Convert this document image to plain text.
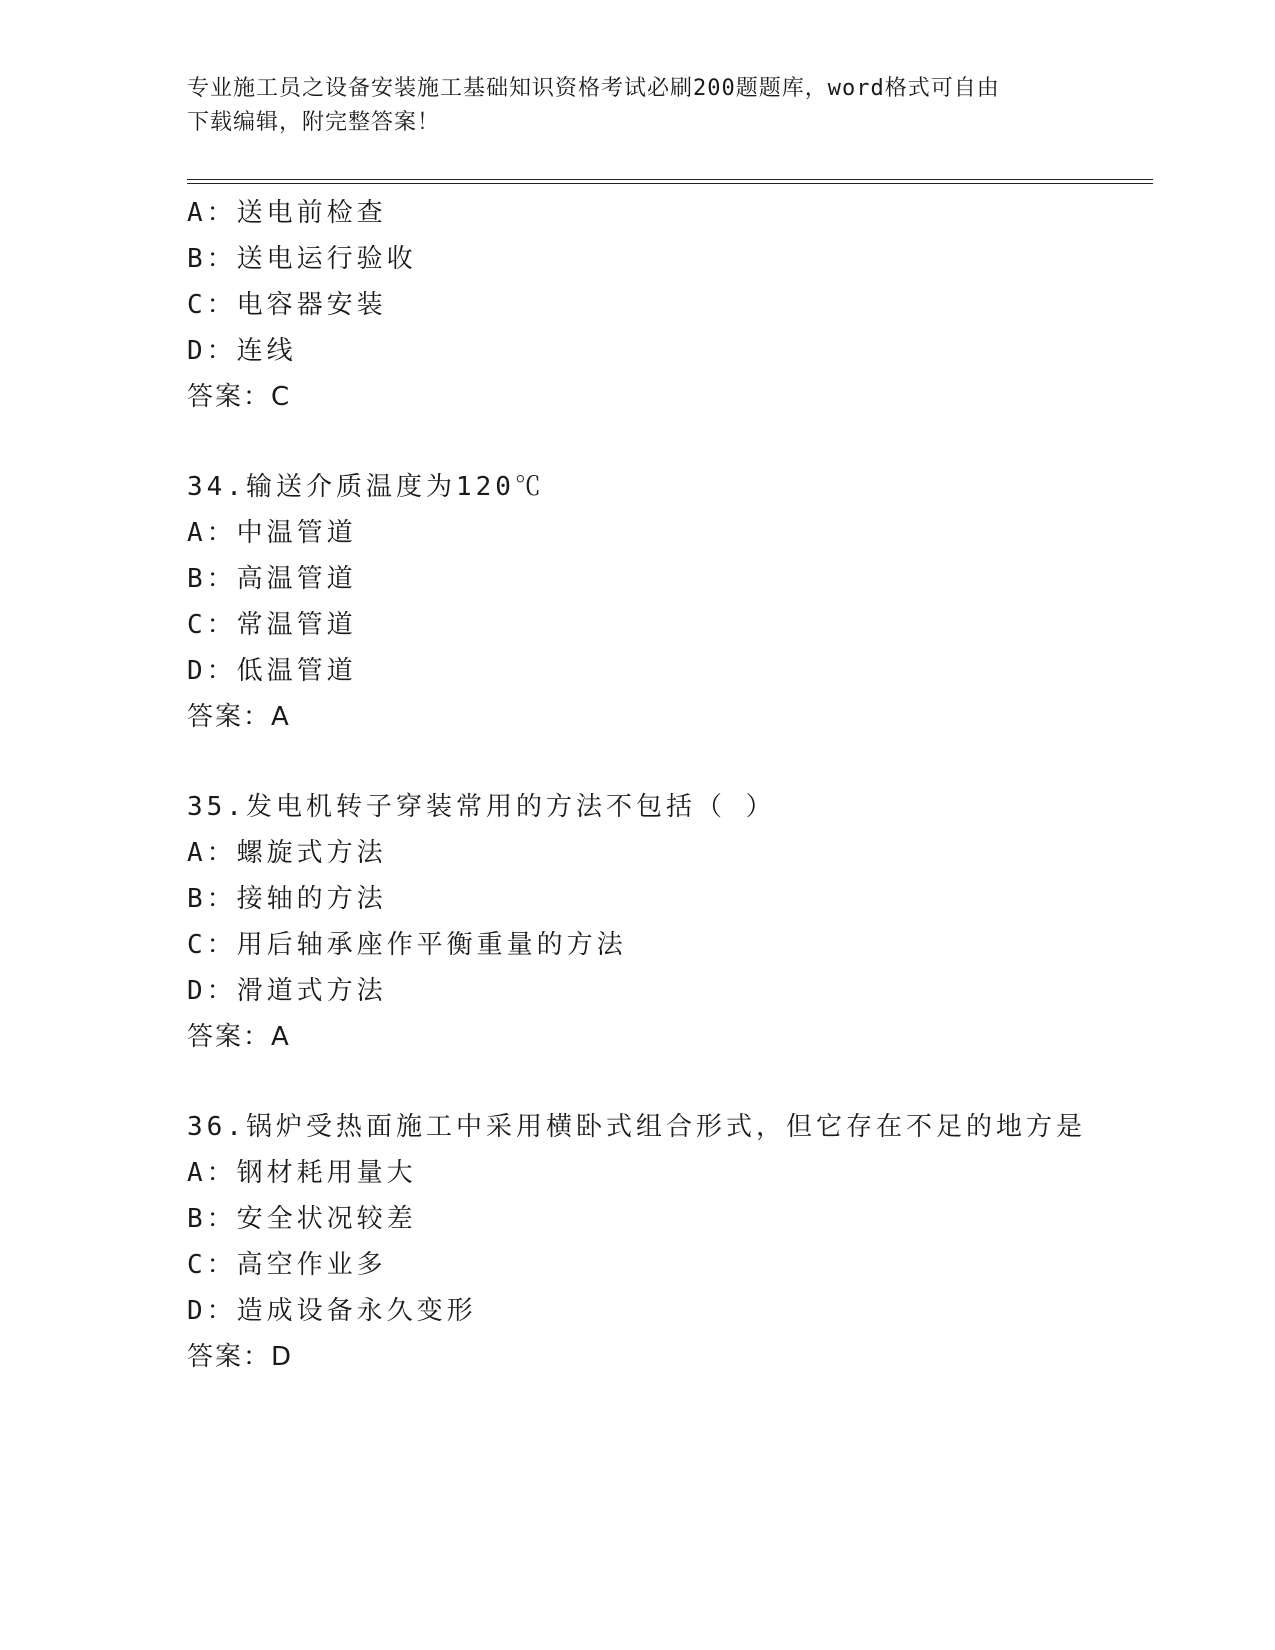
专业施工员之设备安装施工基础知识资格考试必刷200题题库，word格式可自由
下载编辑，附完整答案！
A：送电前检查
B：送电运行验收
C：电容器安装
D：连线
答案：C
34.输送介质温度为120℃
A：中温管道
B：高温管道
C：常温管道
D：低温管道
答案：A
35.发电机转子穿装常用的方法不包括（ ）
A：螺旋式方法
B：接轴的方法
C：用后轴承座作平衡重量的方法
D：滑道式方法
答案：A
36.锅炉受热面施工中采用横卧式组合形式，但它存在不足的地方是
A：钢材耗用量大
B：安全状况较差
C：高空作业多
D：造成设备永久变形
答案：D
